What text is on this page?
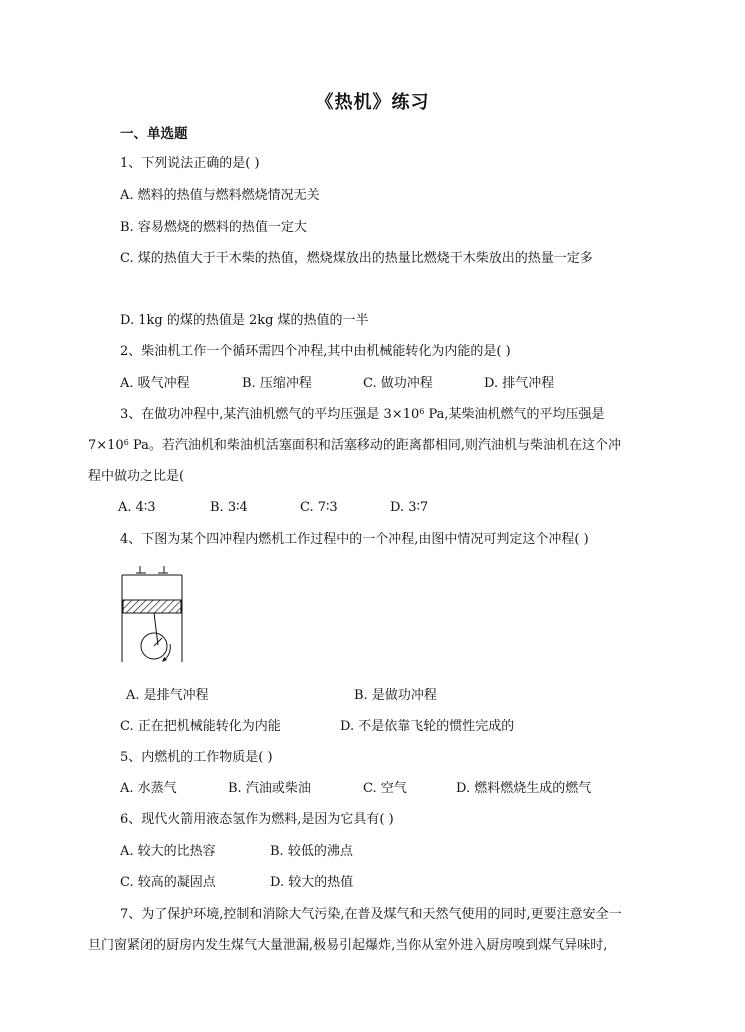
《热机》练习
一、单选题
1、下列说法正确的是( )
A. 燃料的热值与燃料燃烧情况无关
B. 容易燃烧的燃料的热值一定大
C. 煤的热值大于干木柴的热值，燃烧煤放出的热量比燃烧干木柴放出的热量一定多
D. 1kg 的煤的热值是 2kg 煤的热值的一半
2、柴油机工作一个循环需四个冲程,其中由机械能转化为内能的是( )
A. 吸气冲程	B. 压缩冲程	C. 做功冲程	D. 排气冲程
3、在做功冲程中,某汽油机燃气的平均压强是 $3\times 10^6$ Pa,某柴油机燃气的平均压强是
$7\times 10^6$ Pa。若汽油机和柴油机活塞面积和活塞移动的距离都相同,则汽油机与柴油机在这个冲
程中做功之比是(
A. 4∶3	B. 3∶4	C. 7∶3	D. 3∶7
4、下图为某个四冲程内燃机工作过程中的一个冲程,由图中情况可判定这个冲程( )
A. 是排气冲程	B. 是做功冲程
C. 正在把机械能转化为内能	D. 不是依靠飞轮的惯性完成的
5、内燃机的工作物质是( )
A. 水蒸气	B. 汽油或柴油	C. 空气	D. 燃料燃烧生成的燃气
6、现代火箭用液态氢作为燃料,是因为它具有( )
A. 较大的比热容	B. 较低的沸点
C. 较高的凝固点	D. 较大的热值
7、为了保护环境,控制和消除大气污染,在普及煤气和天然气使用的同时,更要注意安全一
旦门窗紧闭的厨房内发生煤气大量泄漏,极易引起爆炸,当你从室外进入厨房嗅到煤气异味时,
